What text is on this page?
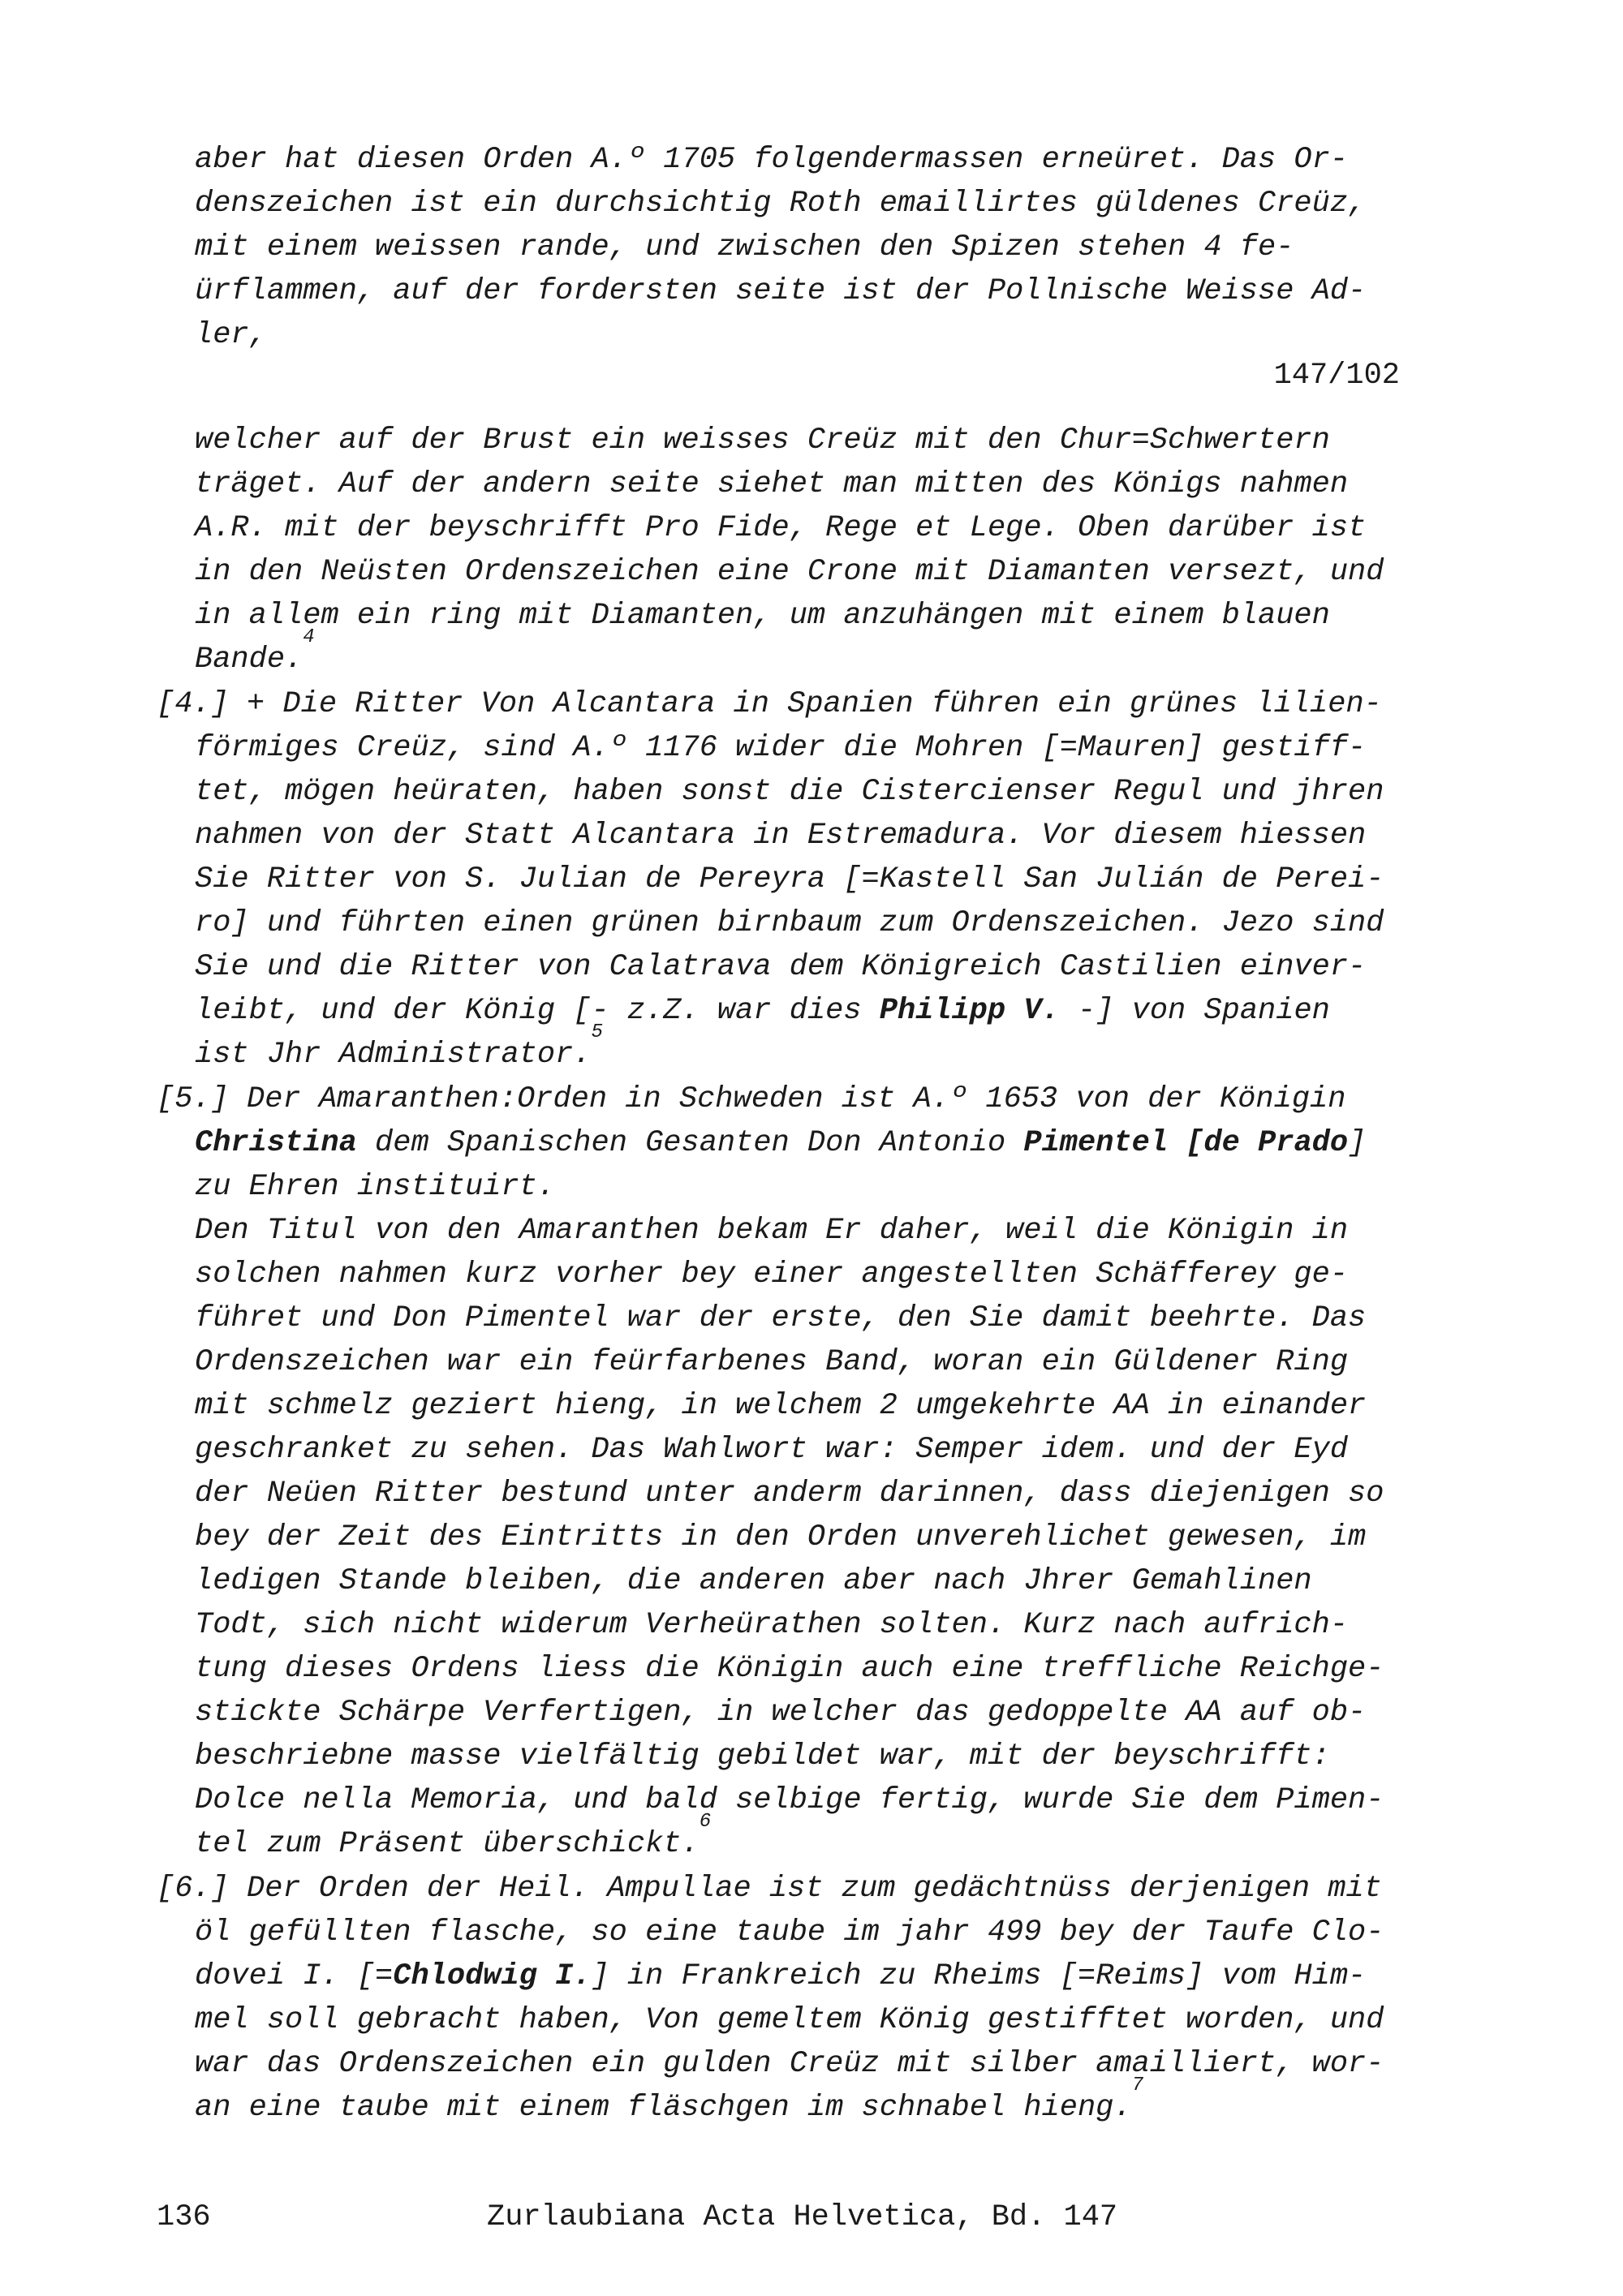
aber hat diesen Orden A.º 1705 folgendermassen erneüret. Das Or-
denszeichen ist ein durchsichtig Roth emaillirtes güldenes Creüz,
mit einem weissen rande, und zwischen den Spizen stehen 4 fe-
ürflammen, auf der fordersten seite ist der Pollnische Weisse Ad-
ler,
147/102
welcher auf der Brust ein weisses Creüz mit den Chur=Schwertern
träget. Auf der andern seite siehet man mitten des Königs nahmen
A.R. mit der beyschrifft Pro Fide, Rege et Lege. Oben darüber ist
in den Neüsten Ordenszeichen eine Crone mit Diamanten versezt, und
in allem ein ring mit Diamanten, um anzuhängen mit einem blauen
Bande.$^4$
[4.] + Die Ritter Von Alcantara in Spanien führen ein grünes lilien-
förmiges Creüz, sind A.º 1176 wider die Mohren [=Mauren] gestiff-
tet, mögen heüraten, haben sonst die Cistercienser Regul und jhren
nahmen von der Statt Alcantara in Estremadura. Vor diesem hiessen
Sie Ritter von S. Julian de Pereyra [=Kastell San Julián de Perei-
ro] und führten einen grünen birnbaum zum Ordenszeichen. Jezo sind
Sie und die Ritter von Calatrava dem Königreich Castilien einver-
leibt, und der König [- z.Z. war dies Philipp V. -] von Spanien
ist Jhr Administrator.$^5$
[5.] Der Amaranthen:Orden in Schweden ist A.º 1653 von der Königin
Christina dem Spanischen Gesanten Don Antonio Pimentel [de Prado]
zu Ehren instituirt.
Den Titul von den Amaranthen bekam Er daher, weil die Königin in
solchen nahmen kurz vorher bey einer angestellten Schäfferey ge-
führet und Don Pimentel war der erste, den Sie damit beehrte. Das
Ordenszeichen war ein feürfarbenes Band, woran ein Güldener Ring
mit schmelz geziert hieng, in welchem 2 umgekehrte AA in einander
geschranket zu sehen. Das Wahlwort war: Semper idem. und der Eyd
der Neüen Ritter bestund unter anderm darinnen, dass diejenigen so
bey der Zeit des Eintritts in den Orden unverehlichet gewesen, im
ledigen Stande bleiben, die anderen aber nach Jhrer Gemahlinen
Todt, sich nicht widerum Verheürathen solten. Kurz nach aufrich-
tung dieses Ordens liess die Königin auch eine treffliche Reichge-
stickte Schärpe Verfertigen, in welcher das gedoppelte AA auf ob-
beschriebne masse vielfältig gebildet war, mit der beyschrifft:
Dolce nella Memoria, und bald selbige fertig, wurde Sie dem Pimen-
tel zum Präsent überschickt.$^6$
[6.] Der Orden der Heil. Ampullae ist zum gedächtnüss derjenigen mit
öl gefüllten flasche, so eine taube im jahr 499 bey der Taufe Clo-
dovei I. [=Chlodwig I.] in Frankreich zu Rheims [=Reims] vom Him-
mel soll gebracht haben, Von gemeltem König gestifftet worden, und
war das Ordenszeichen ein gulden Creüz mit silber amailliert, wor-
an eine taube mit einem fläschgen im schnabel hieng.$^7$
136	Zurlaubiana Acta Helvetica, Bd. 147
